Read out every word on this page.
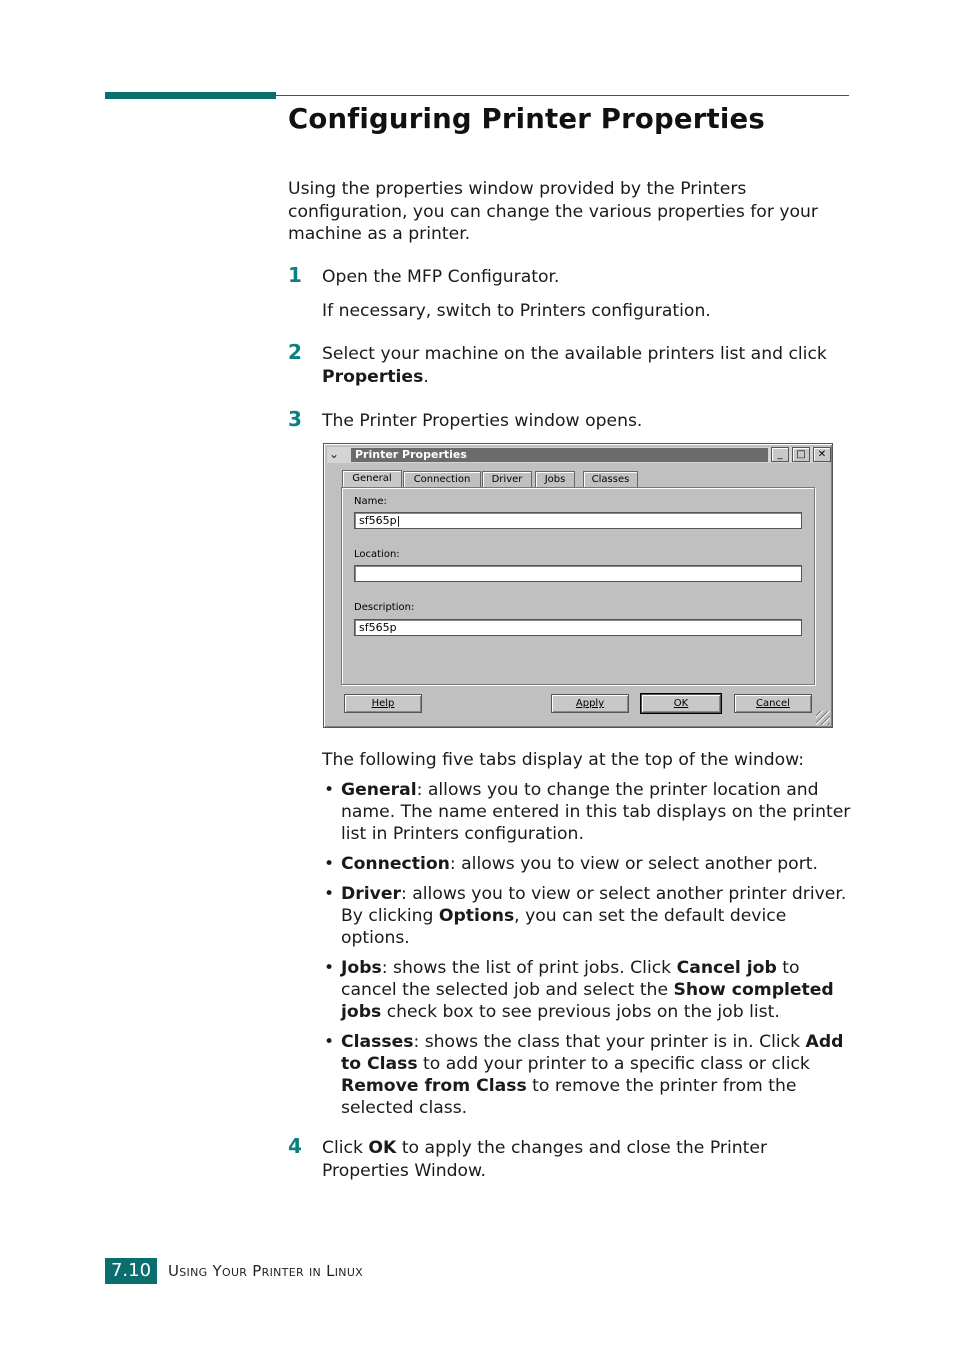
Configuring Printer Properties

Using the properties window provided by the Printers configuration, you can change the various properties for your machine as a printer.

1 Open the MFP Configurator.

If necessary, switch to Printers configuration.

2 Select your machine on the available printers list and click Properties.

3 The Printer Properties window opens.

⌄	Printer Properties	_	□	✕
General	Connection	Driver	Jobs	Classes
Name:
sf565p|
Location:
Description:
sf565p
Help	Apply	OK	Cancel

The following five tabs display at the top of the window:

• General: allows you to change the printer location and name. The name entered in this tab displays on the printer list in Printers configuration.
• Connection: allows you to view or select another port.
• Driver: allows you to view or select another printer driver. By clicking Options, you can set the default device options.
• Jobs: shows the list of print jobs. Click Cancel job to cancel the selected job and select the Show completed jobs check box to see previous jobs on the job list.
• Classes: shows the class that your printer is in. Click Add to Class to add your printer to a specific class or click Remove from Class to remove the printer from the selected class.
4 Click OK to apply the changes and close the Printer Properties Window.

7.10	Using Your Printer in Linux
